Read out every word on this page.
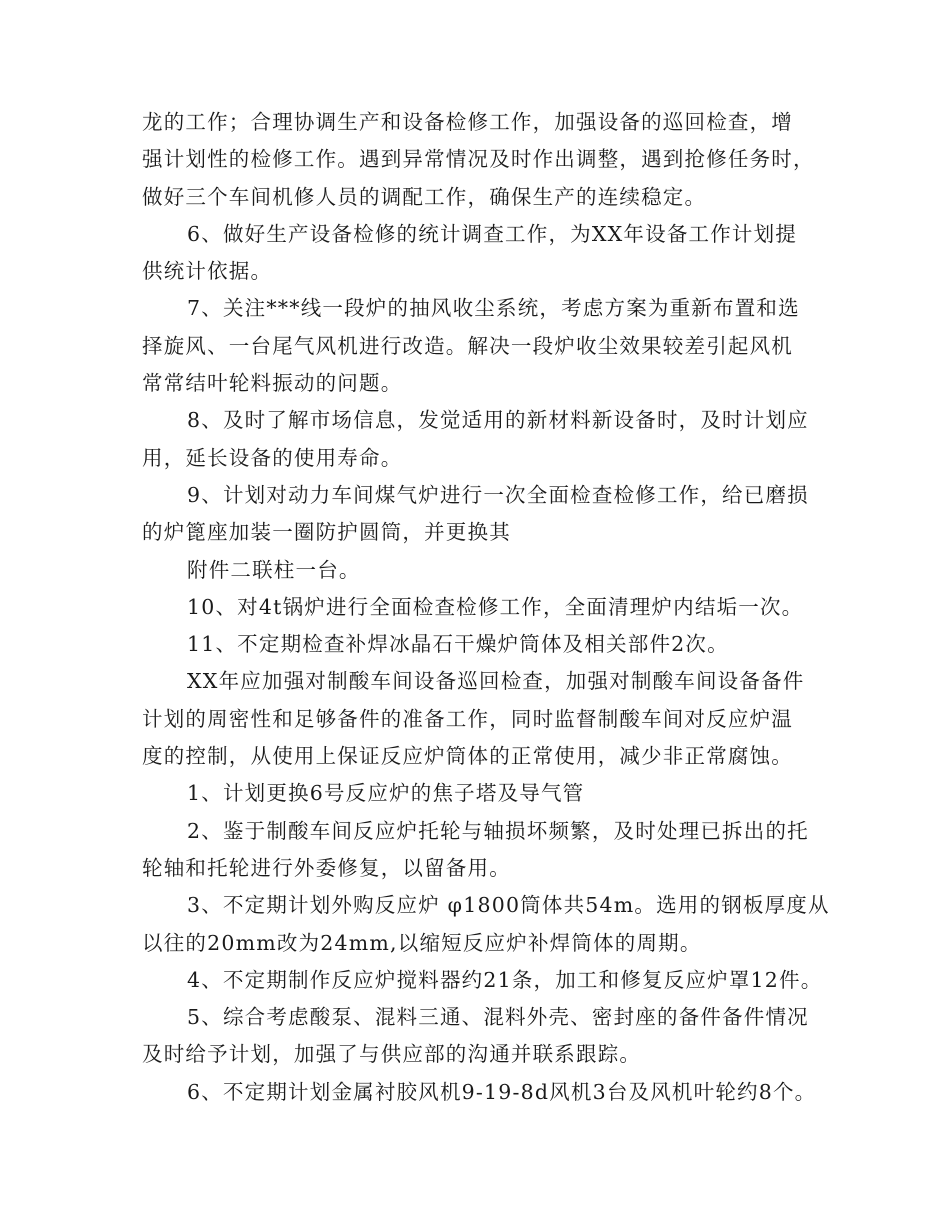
龙的工作；合理协调生产和设备检修工作，加强设备的巡回检查，增
强计划性的检修工作。遇到异常情况及时作出调整，遇到抢修任务时，
做好三个车间机修人员的调配工作，确保生产的连续稳定。
6、做好生产设备检修的统计调查工作，为XX年设备工作计划提
供统计依据。
7、关注***线一段炉的抽风收尘系统，考虑方案为重新布置和选
择旋风、一台尾气风机进行改造。解决一段炉收尘效果较差引起风机
常常结叶轮料振动的问题。
8、及时了解市场信息，发觉适用的新材料新设备时，及时计划应
用，延长设备的使用寿命。
9、计划对动力车间煤气炉进行一次全面检查检修工作，给已磨损
的炉篦座加装一圈防护圆筒，并更换其
附件二联柱一台。
10、对4t锅炉进行全面检查检修工作，全面清理炉内结垢一次。
11、不定期检查补焊冰晶石干燥炉筒体及相关部件2次。
XX年应加强对制酸车间设备巡回检查，加强对制酸车间设备备件
计划的周密性和足够备件的准备工作，同时监督制酸车间对反应炉温
度的控制，从使用上保证反应炉筒体的正常使用，减少非正常腐蚀。
1、计划更换6号反应炉的焦子塔及导气管
2、鉴于制酸车间反应炉托轮与轴损坏频繁，及时处理已拆出的托
轮轴和托轮进行外委修复，以留备用。
3、不定期计划外购反应炉 φ1800筒体共54m。选用的钢板厚度从
以往的20mm改为24mm,以缩短反应炉补焊筒体的周期。
4、不定期制作反应炉搅料器约21条，加工和修复反应炉罩12件。
5、综合考虑酸泵、混料三通、混料外壳、密封座的备件备件情况
及时给予计划，加强了与供应部的沟通并联系跟踪。
6、不定期计划金属衬胶风机9-19-8d风机3台及风机叶轮约8个。
